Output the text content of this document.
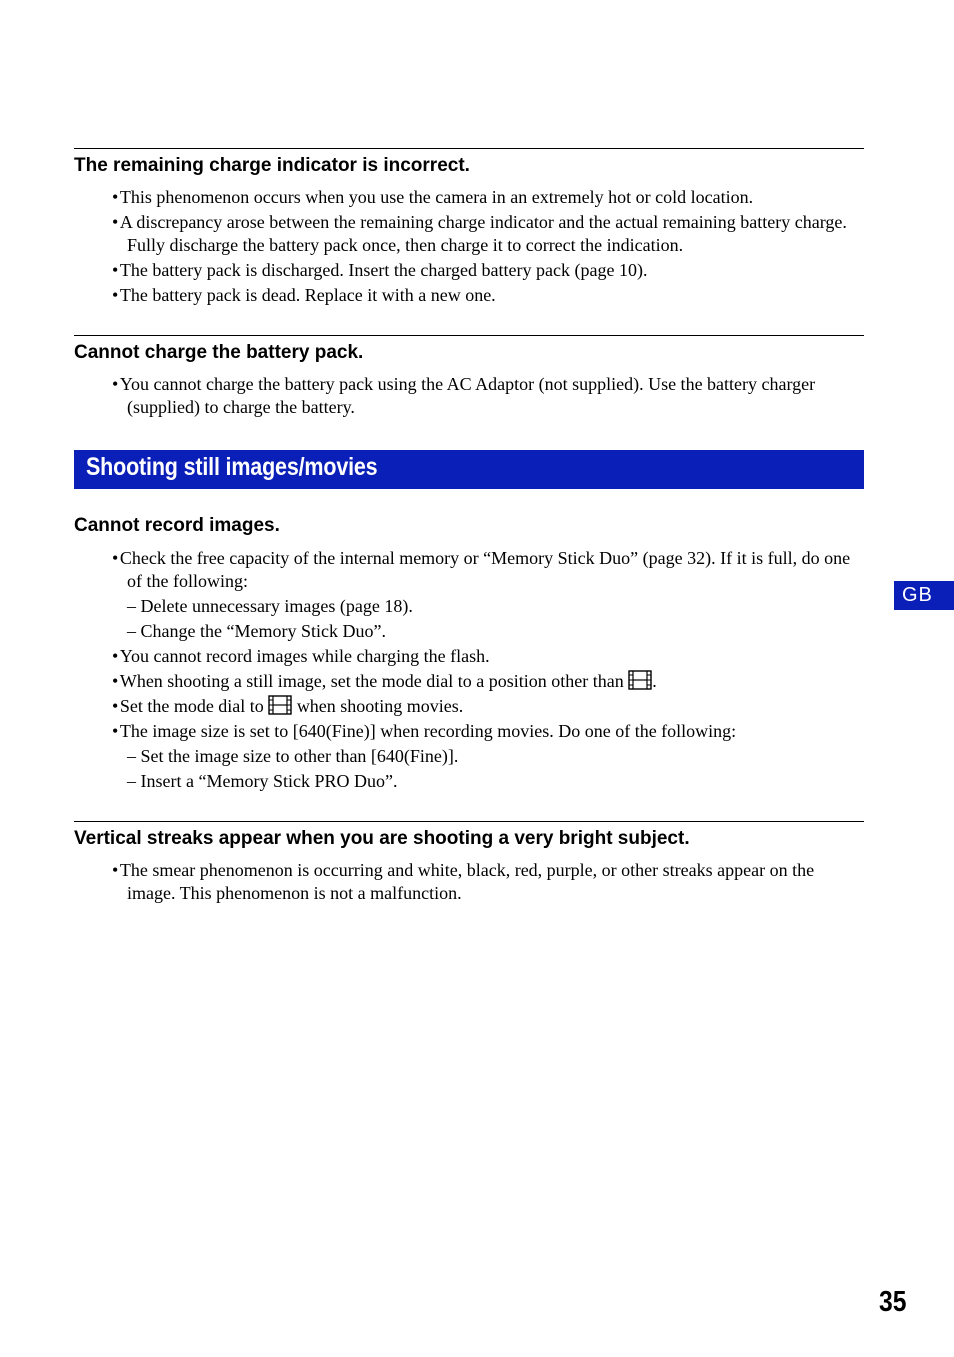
The remaining charge indicator is incorrect.
• This phenomenon occurs when you use the camera in an extremely hot or cold location.
• A discrepancy arose between the remaining charge indicator and the actual remaining battery charge. Fully discharge the battery pack once, then charge it to correct the indication.
• The battery pack is discharged. Insert the charged battery pack (page 10).
• The battery pack is dead. Replace it with a new one.
Cannot charge the battery pack.
• You cannot charge the battery pack using the AC Adaptor (not supplied). Use the battery charger (supplied) to charge the battery.
Shooting still images/movies
Cannot record images.
• Check the free capacity of the internal memory or “Memory Stick Duo” (page 32). If it is full, do one of the following:
– Delete unnecessary images (page 18).
– Change the “Memory Stick Duo”.
• You cannot record images while charging the flash.
• When shooting a still image, set the mode dial to a position other than .
• Set the mode dial to when shooting movies.
• The image size is set to [640(Fine)] when recording movies. Do one of the following:
– Set the image size to other than [640(Fine)].
– Insert a “Memory Stick PRO Duo”.
Vertical streaks appear when you are shooting a very bright subject.
• The smear phenomenon is occurring and white, black, red, purple, or other streaks appear on the image. This phenomenon is not a malfunction.
GB
35
